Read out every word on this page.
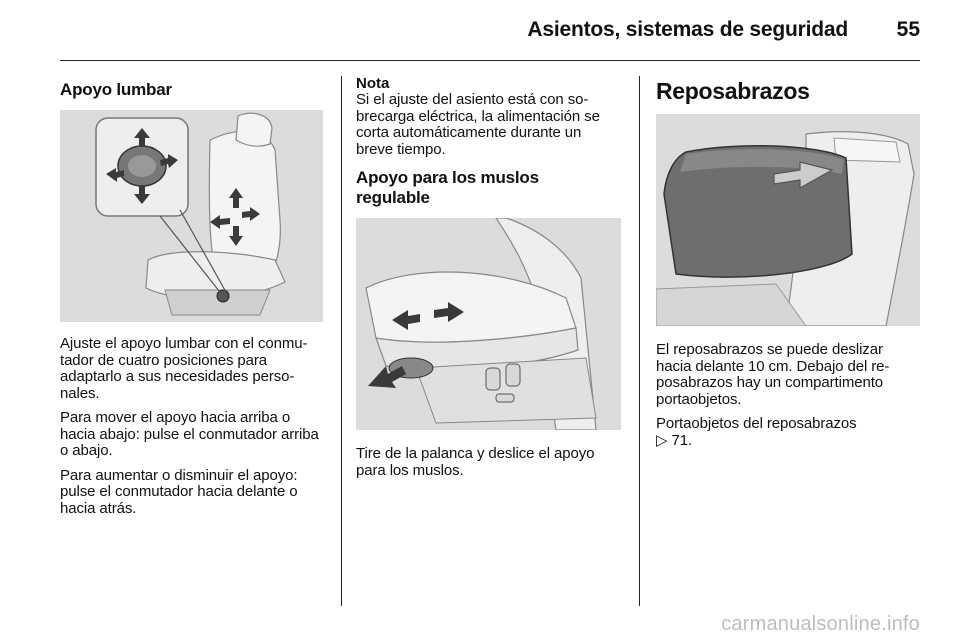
Asientos, sistemas de seguridad 55
Apoyo lumbar

Ajuste el apoyo lumbar con el conmutador de cuatro posiciones para adaptarlo a sus necesidades personales.

Para mover el apoyo hacia arriba o hacia abajo: pulse el conmutador arriba o abajo.

Para aumentar o disminuir el apoyo: pulse el conmutador hacia delante o hacia atrás.

Nota

Si el ajuste del asiento está con sobrecarga eléctrica, la alimentación se corta automáticamente durante un breve tiempo.

Apoyo para los muslos
regulable

Tire de la palanca y deslice el apoyo para los muslos.

Reposabrazos

El reposabrazos se puede deslizar hacia delante 10 cm. Debajo del reposabrazos hay un compartimento portaobjetos.

Portaobjetos del reposabrazos
▷ 71.

carmanualsonline.info
